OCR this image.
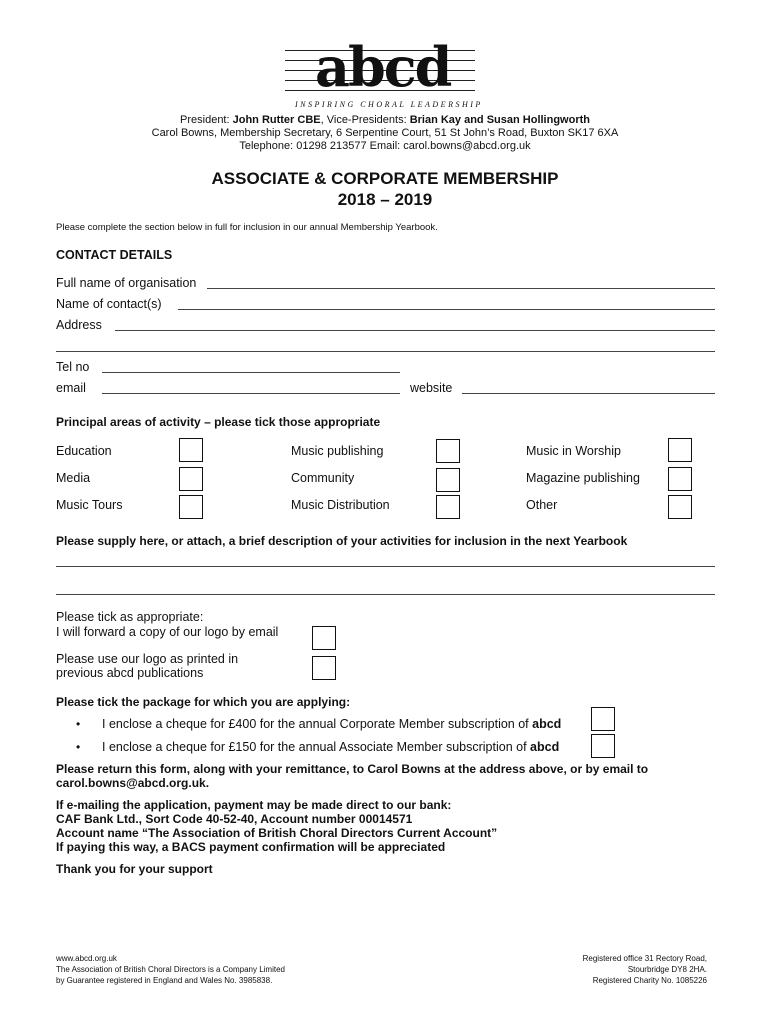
abcd
INSPIRING CHORAL LEADERSHIP
President: John Rutter CBE, Vice-Presidents: Brian Kay and Susan Hollingworth
Carol Bowns, Membership Secretary, 6 Serpentine Court, 51 St John’s Road, Buxton SK17 6XA
Telephone: 01298 213577 Email: carol.bowns@abcd.org.uk
ASSOCIATE & CORPORATE MEMBERSHIP
2018 – 2019
Please complete the section below in full for inclusion in our annual Membership Yearbook.
CONTACT DETAILS
Full name of organisation
Name of contact(s)
Address
Tel no
email	website
Principal areas of activity – please tick those appropriate
Education	Music publishing	Music in Worship
Media	Community	Magazine publishing
Music Tours	Music Distribution	Other
Please supply here, or attach, a brief description of your activities for inclusion in the next Yearbook
Please tick as appropriate:
I will forward a copy of our logo by email
Please use our logo as printed in
previous abcd publications
Please tick the package for which you are applying:
• I enclose a cheque for £400 for the annual Corporate Member subscription of abcd
• I enclose a cheque for £150 for the annual Associate Member subscription of abcd
Please return this form, along with your remittance, to Carol Bowns at the address above, or by email to
carol.bowns@abcd.org.uk.
If e-mailing the application, payment may be made direct to our bank:
CAF Bank Ltd., Sort Code 40-52-40, Account number 00014571
Account name “The Association of British Choral Directors Current Account”
If paying this way, a BACS payment confirmation will be appreciated
Thank you for your support
www.abcd.org.uk
The Association of British Choral Directors is a Company Limited
by Guarantee registered in England and Wales No. 3985838.
Registered office 31 Rectory Road,
Stourbridge DY8 2HA.
Registered Charity No. 1085226
